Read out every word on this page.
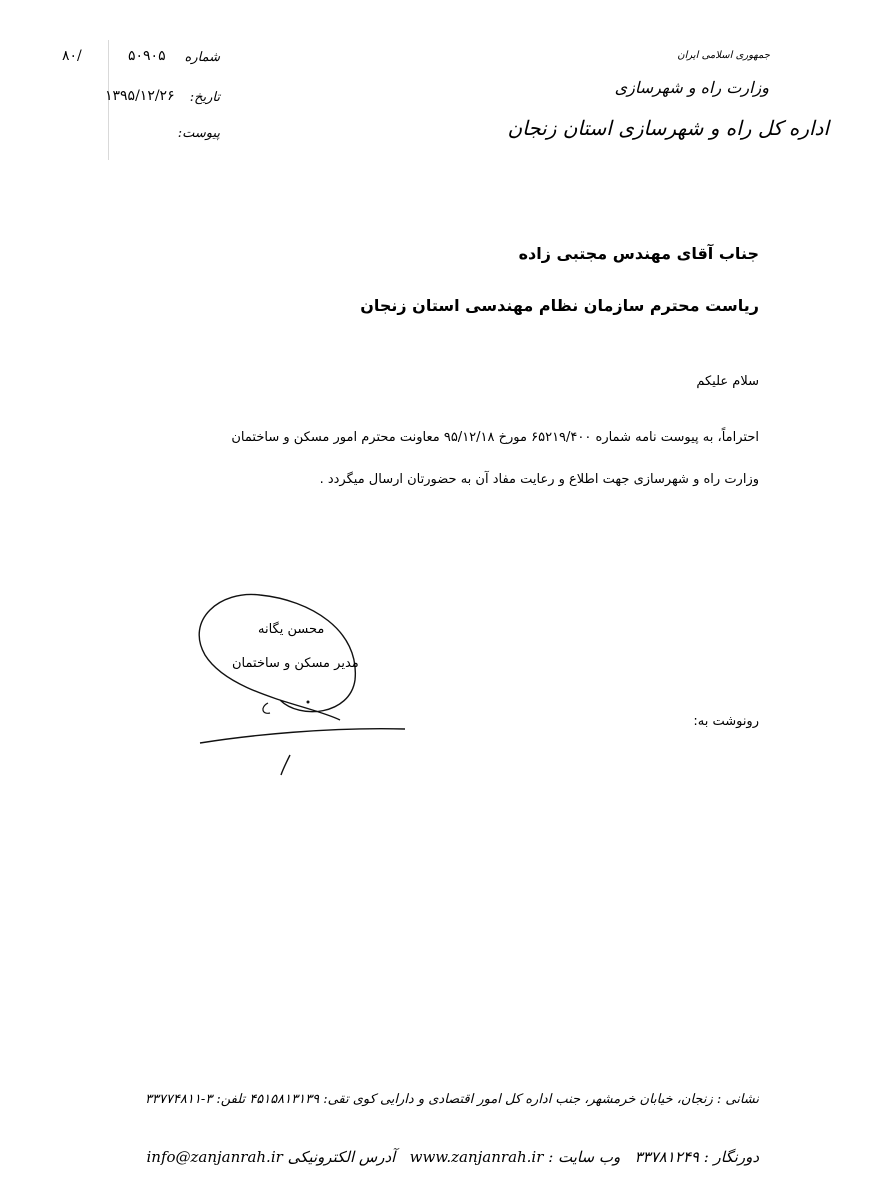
۸۰/	۵۰۹۰۵	شماره
۱۳۹۵/۱۲/۲۶ تاریخ:
پیوست:
جمهوری اسلامی ایران
وزارت راه و شهرسازی
اداره کل راه و شهرسازی استان زنجان
جناب آقای مهندس مجتبی زاده
ریاست محترم سازمان نظام مهندسی استان زنجان
سلام علیکم
احتراماً، به پیوست نامه شماره ۶۵۲۱۹/۴۰۰ مورخ ۹۵/۱۲/۱۸ معاونت محترم امور مسکن و ساختمان
وزارت راه و شهرسازی جهت اطلاع و رعایت مفاد آن به حضورتان ارسال میگردد .
محسن یگانه
مدیر مسکن و ساختمان
رونوشت به:
نشانی : زنجان، خیابان خرمشهر، جنب اداره کل امور اقتصادی و دارایی کوی تقی: ۴۵۱۵۸۱۳۱۳۹ تلفن: ۳-۳۳۷۷۴۸۱۱
دورنگار : ۳۳۷۸۱۲۴۹   وب سایت : www.zanjanrah.ir   آدرس الکترونیکی info@zanjanrah.ir
